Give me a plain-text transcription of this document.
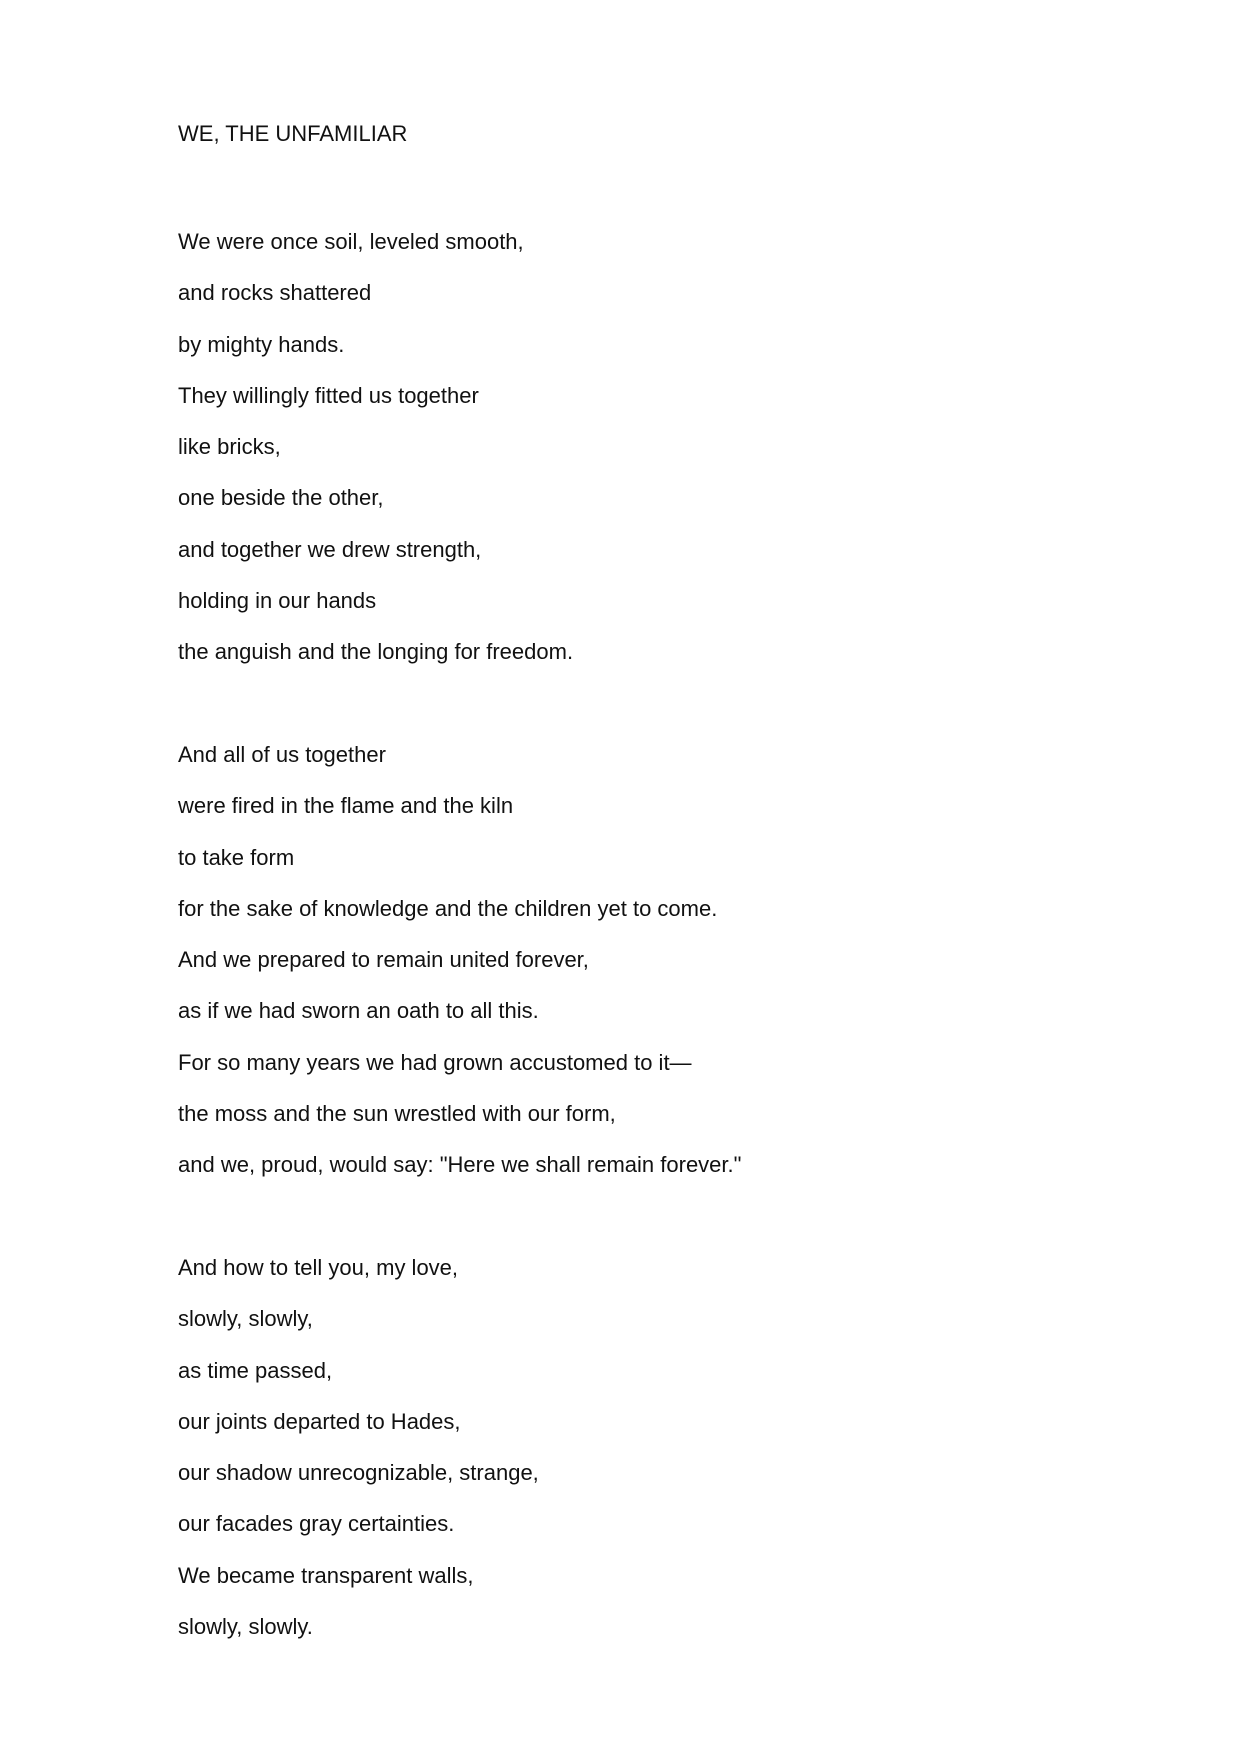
WE, THE UNFAMILIAR
We were once soil, leveled smooth,
and rocks shattered
by mighty hands.
They willingly fitted us together
like bricks,
one beside the other,
and together we drew strength,
holding in our hands
the anguish and the longing for freedom.
And all of us together
were fired in the flame and the kiln
to take form
for the sake of knowledge and the children yet to come.
And we prepared to remain united forever,
as if we had sworn an oath to all this.
For so many years we had grown accustomed to it—
the moss and the sun wrestled with our form,
and we, proud, would say: "Here we shall remain forever."
And how to tell you, my love,
slowly, slowly,
as time passed,
our joints departed to Hades,
our shadow unrecognizable, strange,
our facades gray certainties.
We became transparent walls,
slowly, slowly.
